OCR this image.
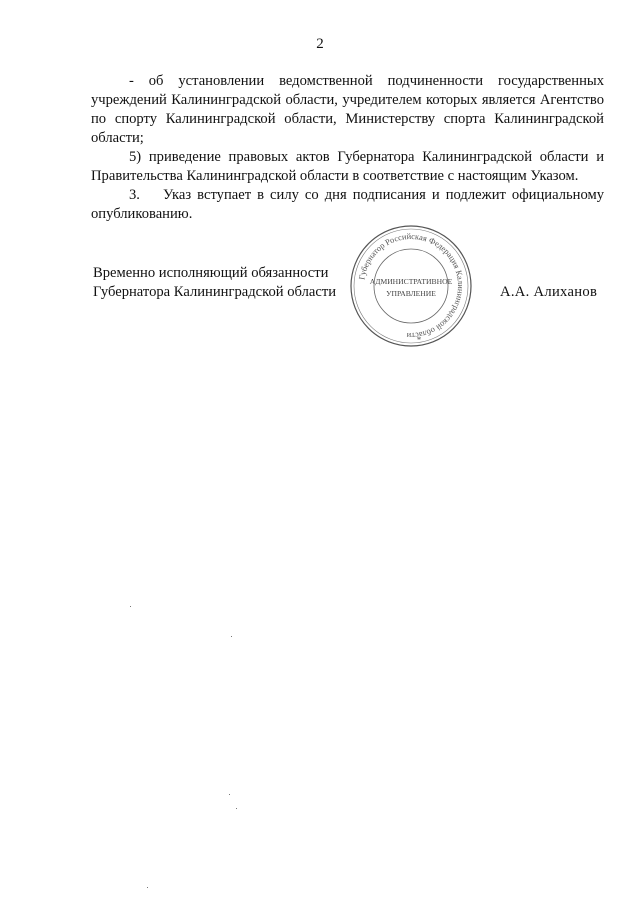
2

- об установлении ведомственной подчиненности государственных учреждений Калининградской области, учредителем которых является Агентство по спорту Калининградской области, Министерству спорта Калининградской области;

5) приведение правовых актов Губернатора Калининградской области и Правительства Калининградской области в соответствие с настоящим Указом.

3. Указ вступает в силу со дня подписания и подлежит официальному опубликованию.

Временно исполняющий обязанности
Губернатора Калининградской области
Губернатор Российская Федерация Калининградской области
АДМИНИСТРАТИВНОЕ
УПРАВЛЕНИЕ
*
А.А. Алиханов
